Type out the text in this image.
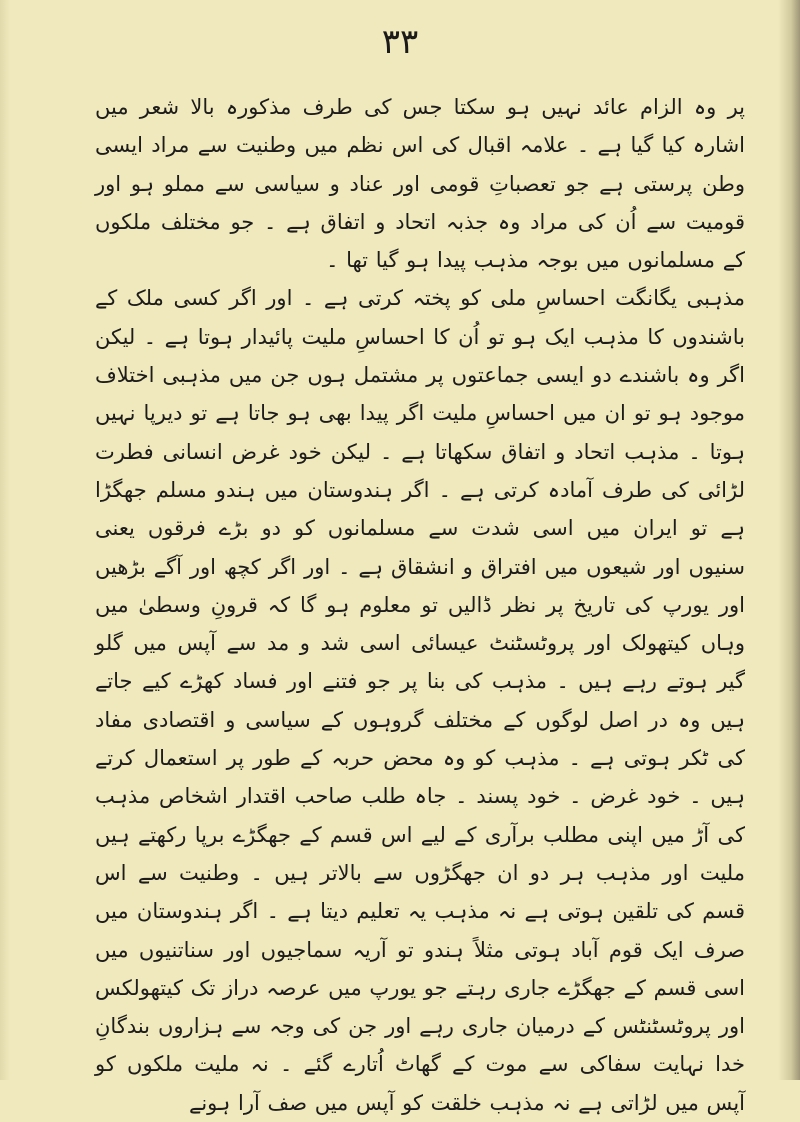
۳۳

پر وہ الزام عائد نہیں ہو سکتا جس کی طرف مذکورہ بالا شعر میں اشارہ کیا گیا ہے ۔ علامہ اقبال کی اس نظم میں وطنیت سے مراد ایسی وطن پرستی ہے جو تعصباتِ قومی اور عناد و سیاسی سے مملو ہو اور قومیت سے اُن کی مراد وہ جذبہ اتحاد و اتفاق ہے ۔ جو مختلف ملکوں کے مسلمانوں میں بوجہ مذہب پیدا ہو گیا تھا ۔

مذہبی یگانگت احساسِ ملی کو پختہ کرتی ہے ۔ اور اگر کسی ملک کے باشندوں کا مذہب ایک ہو تو اُن کا احساسِ ملیت پائیدار ہوتا ہے ۔ لیکن اگر وہ باشندے دو ایسی جماعتوں پر مشتمل ہوں جن میں مذہبی اختلاف موجود ہو تو ان میں احساسِ ملیت اگر پیدا بھی ہو جاتا ہے تو دیرپا نہیں ہوتا ۔ مذہب اتحاد و اتفاق سکھاتا ہے ۔ لیکن خود غرض انسانی فطرت لڑائی کی طرف آمادہ کرتی ہے ۔ اگر ہندوستان میں ہندو مسلم جھگڑا ہے تو ایران میں اسی شدت سے مسلمانوں کو دو بڑے فرقوں یعنی سنیوں اور شیعوں میں افتراق و انشقاق ہے ۔ اور اگر کچھ اور آگے بڑھیں اور یورپ کی تاریخ پر نظر ڈالیں تو معلوم ہو گا کہ قرونِ وسطیٰ میں وہاں کیتھولک اور پروٹسٹنٹ عیسائی اسی شد و مد سے آپس میں گلو گیر ہوتے رہے ہیں ۔ مذہب کی بنا پر جو فتنے اور فساد کھڑے کیے جاتے ہیں وہ در اصل لوگوں کے مختلف گروہوں کے سیاسی و اقتصادی مفاد کی ٹکر ہوتی ہے ۔ مذہب کو وہ محض حربہ کے طور پر استعمال کرتے ہیں ۔ خود غرض ۔ خود پسند ۔ جاہ طلب صاحب اقتدار اشخاص مذہب کی آڑ میں اپنی مطلب برآری کے لیے اس قسم کے جھگڑے برپا رکھتے ہیں ملیت اور مذہب ہر دو ان جھگڑوں سے بالاتر ہیں ۔ وطنیت سے اس قسم کی تلقین ہوتی ہے نہ مذہب یہ تعلیم دیتا ہے ۔ اگر ہندوستان میں صرف ایک قوم آباد ہوتی مثلاً ہندو تو آریہ سماجیوں اور سناتنیوں میں اسی قسم کے جھگڑے جاری رہتے جو یورپ میں عرصہ دراز تک کیتھولکس اور پروٹسٹنٹس کے درمیان جاری رہے اور جن کی وجہ سے ہزاروں بندگانِ خدا نہایت سفاکی سے موت کے گھاٹ اُتارے گئے ۔ نہ ملیت ملکوں کو آپس میں لڑاتی ہے نہ مذہب خلقت کو آپس میں صف آرا ہونے
